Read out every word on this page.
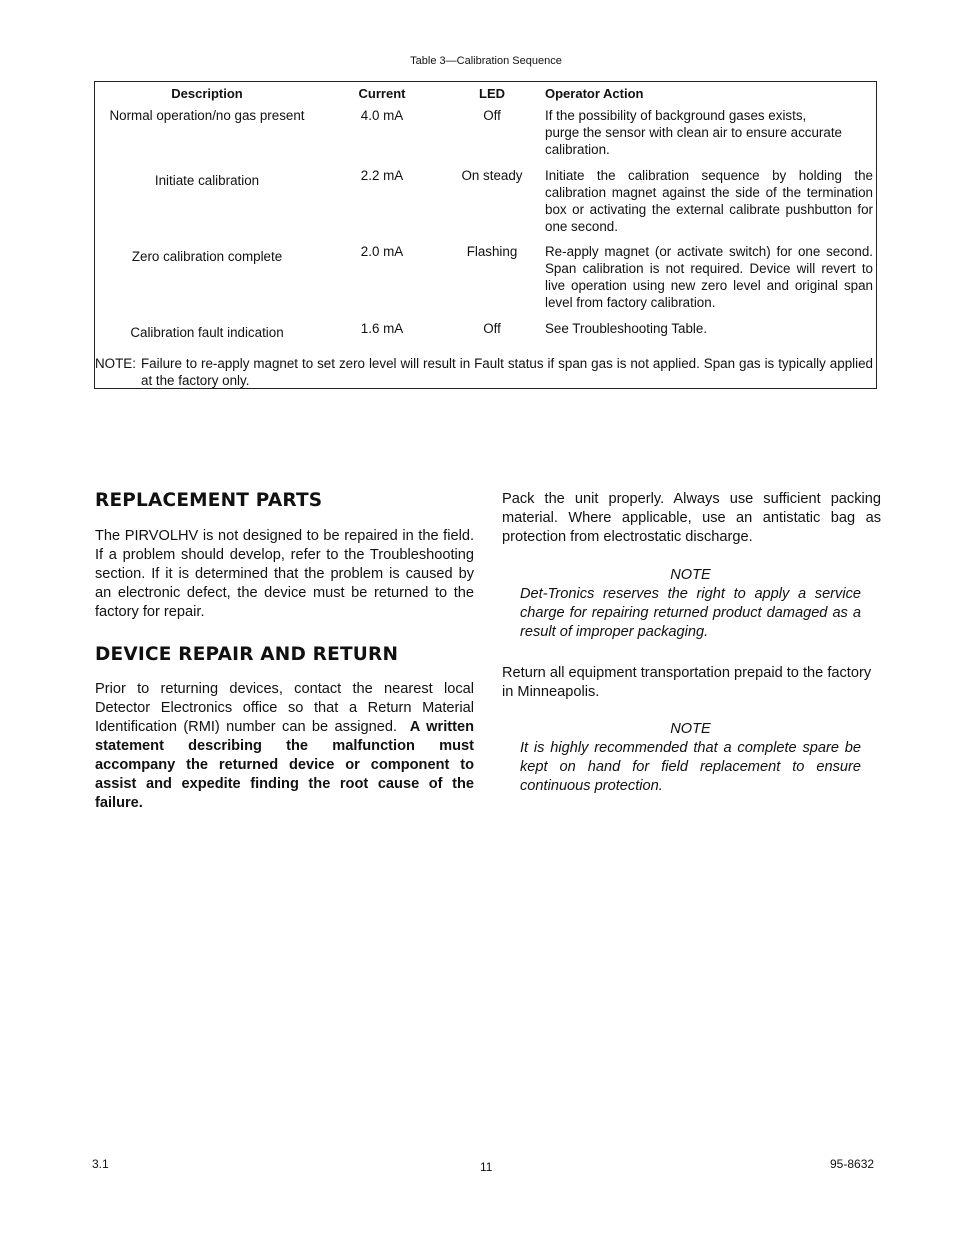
Table 3—Calibration Sequence
Description	Current	LED	Operator Action
Normal operation/no gas present	4.0 mA	Off	If the possibility of background gases exists,
purge the sensor with clean air to ensure accurate
calibration.
Initiate calibration	2.2 mA	On steady	Initiate the calibration sequence by holding the calibration magnet against the side of the termination box or activating the external calibrate pushbutton for one second.
Zero calibration complete	2.0 mA	Flashing	Re-apply magnet (or activate switch) for one second. Span calibration is not required. Device will revert to live operation using new zero level and original span level from factory calibration.
Calibration fault indication	1.6 mA	Off	See Troubleshooting Table.
NOTE: Failure to re-apply magnet to set zero level will result in Fault status if span gas is not applied. Span gas is typically applied at the factory only.
REPLACEMENT PARTS

The PIRVOLHV is not designed to be repaired in the field. If a problem should develop, refer to the Troubleshooting section. If it is determined that the problem is caused by an electronic defect, the device must be returned to the factory for repair.

DEVICE REPAIR AND RETURN

Prior to returning devices, contact the nearest local Detector Electronics office so that a Return Material Identification (RMI) number can be assigned. A written statement describing the malfunction must accompany the returned device or component to assist and expedite finding the root cause of the failure.

Pack the unit properly. Always use sufficient packing material. Where applicable, use an antistatic bag as protection from electrostatic discharge.

NOTE
Det-Tronics reserves the right to apply a service charge for repairing returned product damaged as a result of improper packaging.

Return all equipment transportation prepaid to the factory in Minneapolis.

NOTE
It is highly recommended that a complete spare be kept on hand for field replacement to ensure continuous protection.
3.1	11	95-8632
